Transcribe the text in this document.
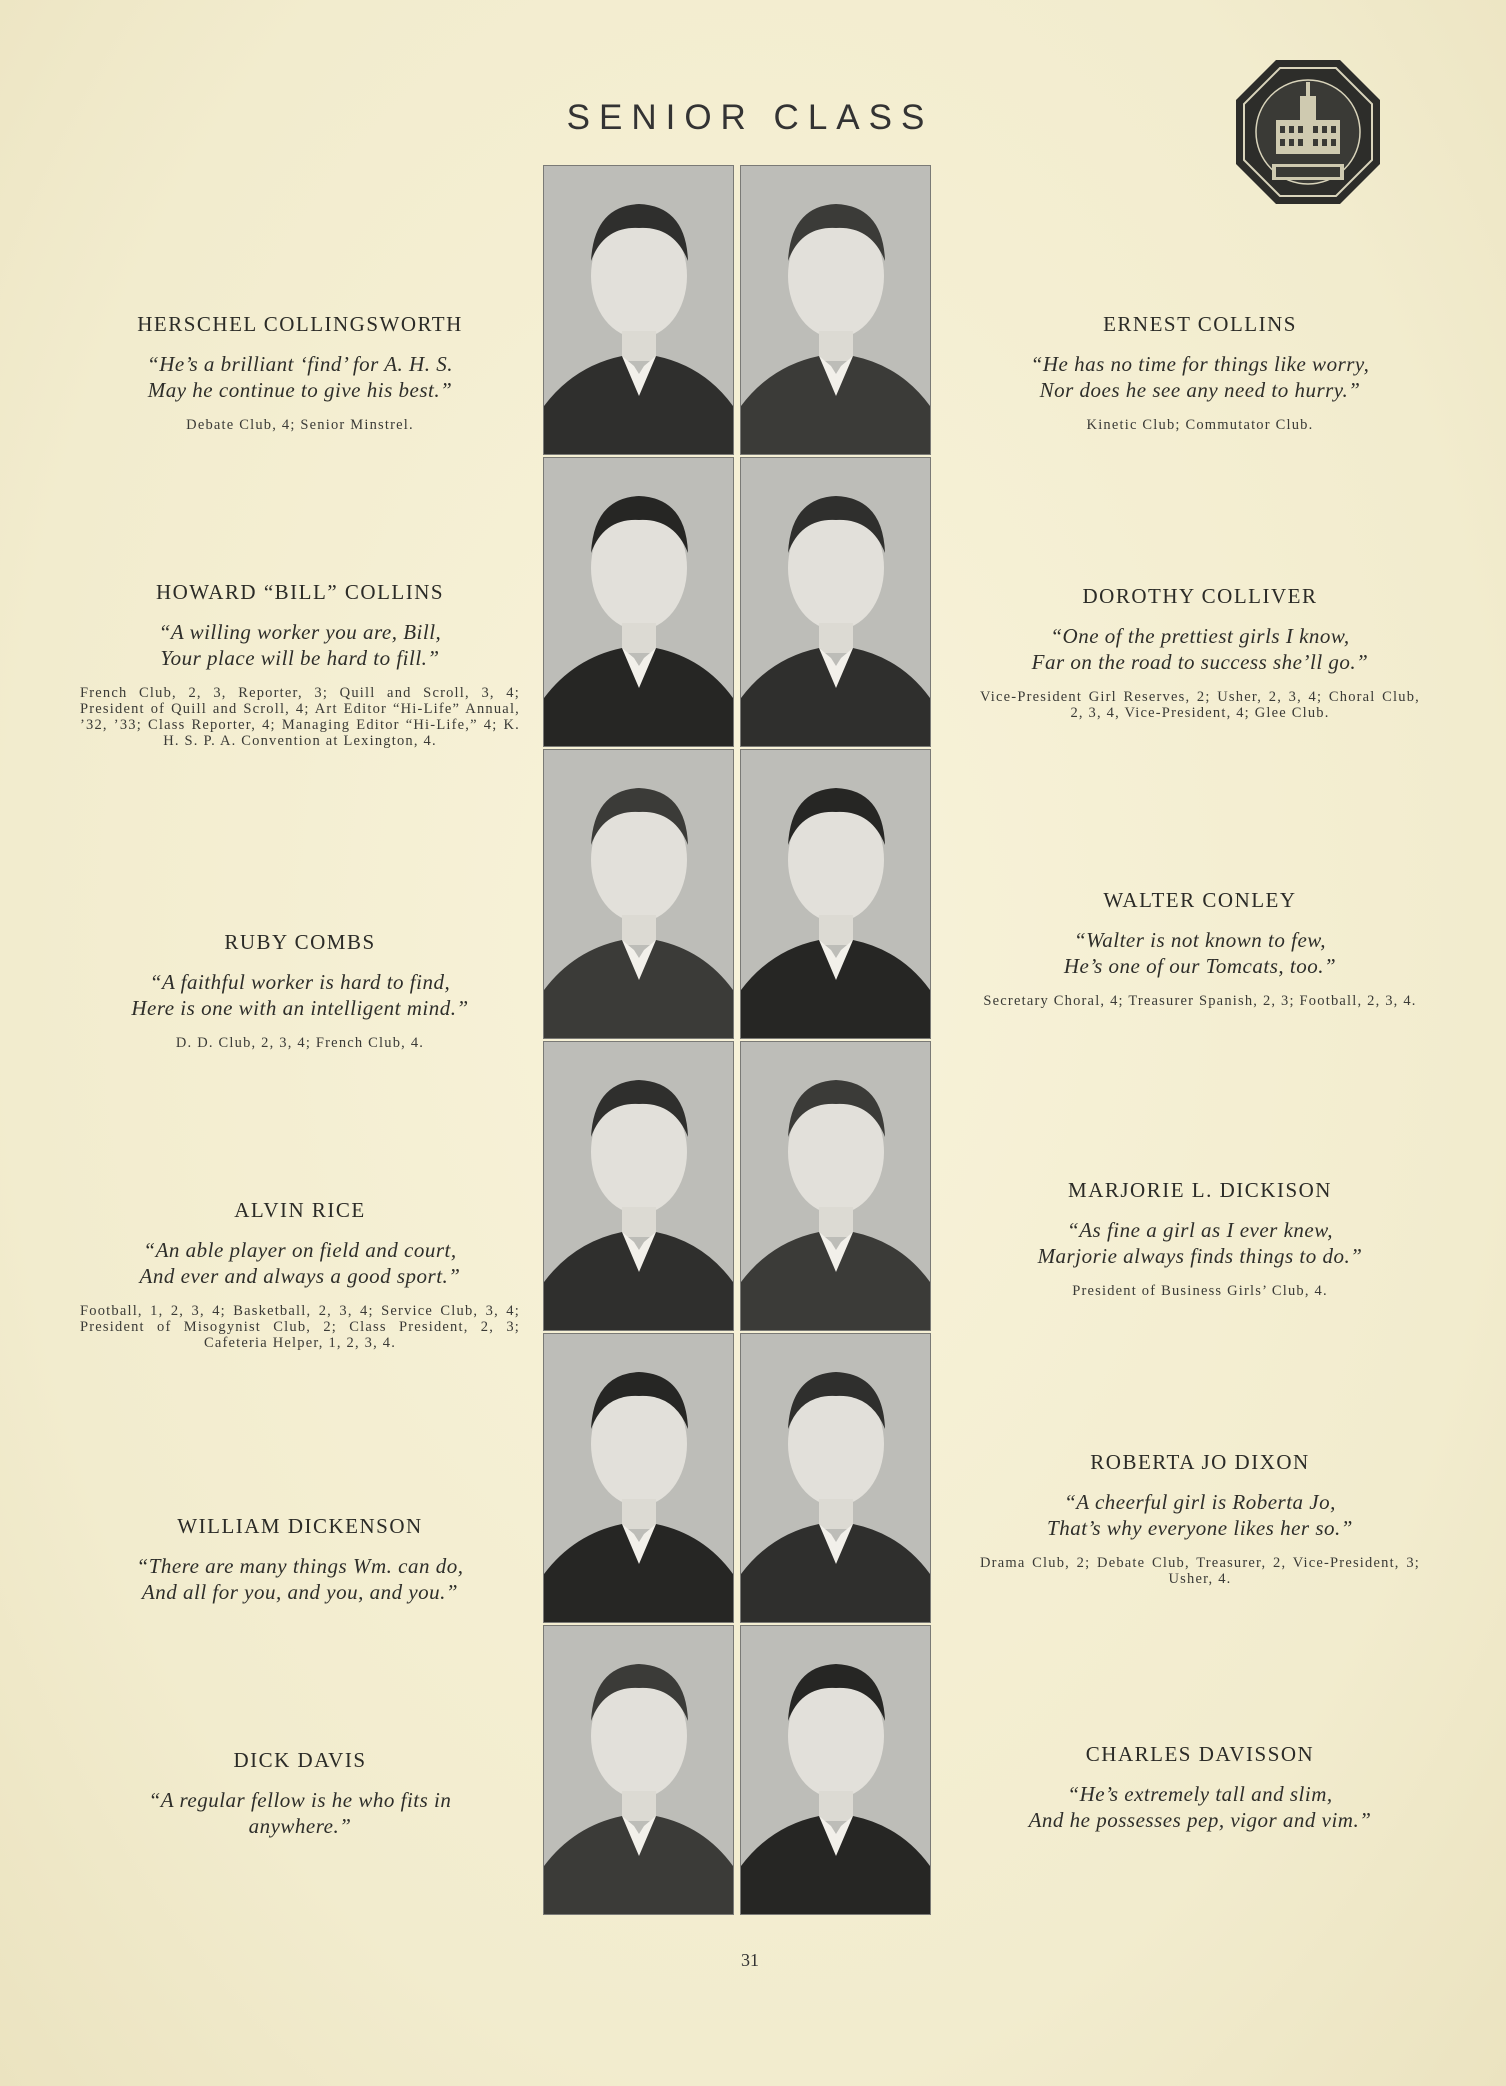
SENIOR CLASS
HERSCHEL COLLINGSWORTH
“He’s a brilliant ‘find’ for A. H. S.
May he continue to give his best.”
Debate Club, 4; Senior Minstrel.
ERNEST COLLINS
“He has no time for things like worry,
Nor does he see any need to hurry.”
Kinetic Club; Commutator Club.
HOWARD “BILL” COLLINS
“A willing worker you are, Bill,
Your place will be hard to fill.”
French Club, 2, 3, Reporter, 3; Quill and Scroll, 3, 4; President of Quill and Scroll, 4; Art Editor “Hi-Life” Annual, ’32, ’33; Class Reporter, 4; Managing Editor “Hi-Life,” 4; K. H. S. P. A. Convention at Lexington, 4.
DOROTHY COLLIVER
“One of the prettiest girls I know,
Far on the road to success she’ll go.”
Vice-President Girl Reserves, 2; Usher, 2, 3, 4; Choral Club, 2, 3, 4, Vice-President, 4; Glee Club.
RUBY COMBS
“A faithful worker is hard to find,
Here is one with an intelligent mind.”
D. D. Club, 2, 3, 4; French Club, 4.
WALTER CONLEY
“Walter is not known to few,
He’s one of our Tomcats, too.”
Secretary Choral, 4; Treasurer Spanish, 2, 3; Football, 2, 3, 4.
ALVIN RICE
“An able player on field and court,
And ever and always a good sport.”
Football, 1, 2, 3, 4; Basketball, 2, 3, 4; Service Club, 3, 4; President of Misogynist Club, 2; Class President, 2, 3; Cafeteria Helper, 1, 2, 3, 4.
MARJORIE L. DICKISON
“As fine a girl as I ever knew,
Marjorie always finds things to do.”
President of Business Girls’ Club, 4.
WILLIAM DICKENSON
“There are many things Wm. can do,
And all for you, and you, and you.”
ROBERTA JO DIXON
“A cheerful girl is Roberta Jo,
That’s why everyone likes her so.”
Drama Club, 2; Debate Club, Treasurer, 2, Vice-President, 3; Usher, 4.
DICK DAVIS
“A regular fellow is he who fits in
anywhere.”
CHARLES DAVISSON
“He’s extremely tall and slim,
And he possesses pep, vigor and vim.”
31
